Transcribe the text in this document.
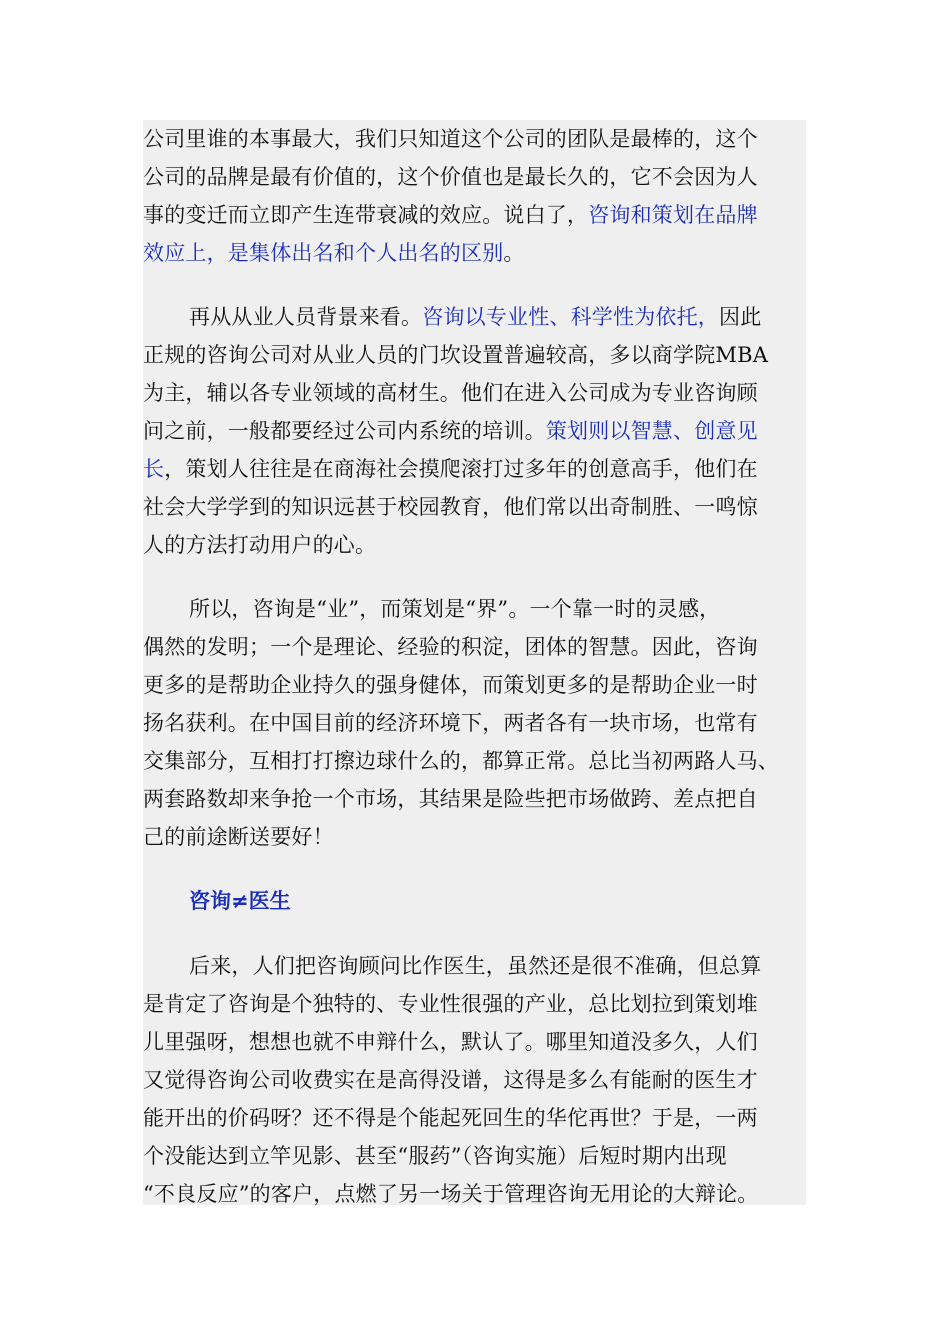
公司里谁的本事最大，我们只知道这个公司的团队是最棒的，这个
公司的品牌是最有价值的，这个价值也是最长久的，它不会因为人
事的变迁而立即产生连带衰减的效应。说白了，咨询和策划在品牌
效应上，是集体出名和个人出名的区别。
再从从业人员背景来看。咨询以专业性、科学性为依托，因此
正规的咨询公司对从业人员的门坎设置普遍较高，多以商学院MBA
为主，辅以各专业领域的高材生。他们在进入公司成为专业咨询顾
问之前，一般都要经过公司内系统的培训。策划则以智慧、创意见
长，策划人往往是在商海社会摸爬滚打过多年的创意高手，他们在
社会大学学到的知识远甚于校园教育，他们常以出奇制胜、一鸣惊
人的方法打动用户的心。
所以，咨询是“业”，而策划是“界”。一个靠一时的灵感，
偶然的发明；一个是理论、经验的积淀，团体的智慧。因此，咨询
更多的是帮助企业持久的强身健体，而策划更多的是帮助企业一时
扬名获利。在中国目前的经济环境下，两者各有一块市场，也常有
交集部分，互相打打擦边球什么的，都算正常。总比当初两路人马、
两套路数却来争抢一个市场，其结果是险些把市场做跨、差点把自
己的前途断送要好！
咨询≠医生
后来，人们把咨询顾问比作医生，虽然还是很不准确，但总算
是肯定了咨询是个独特的、专业性很强的产业，总比划拉到策划堆
儿里强呀，想想也就不申辩什么，默认了。哪里知道没多久，人们
又觉得咨询公司收费实在是高得没谱，这得是多么有能耐的医生才
能开出的价码呀？还不得是个能起死回生的华佗再世？于是，一两
个没能达到立竿见影、甚至“服药”（咨询实施）后短时期内出现
“不良反应”的客户，点燃了另一场关于管理咨询无用论的大辩论。
